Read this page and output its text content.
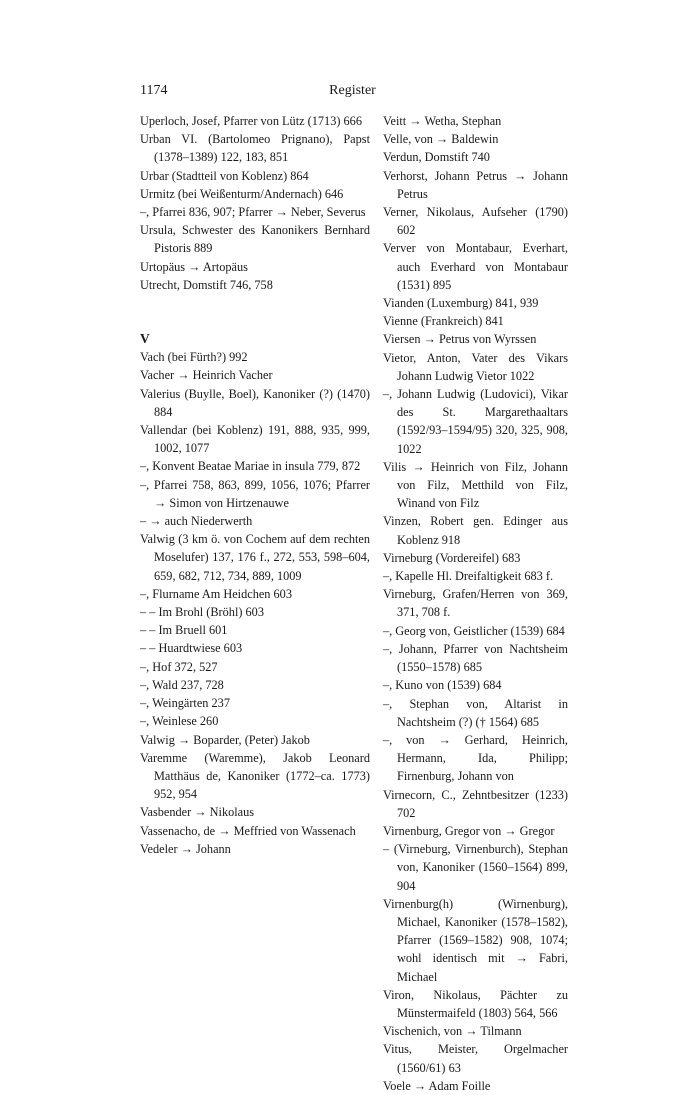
1174	Register
Uperloch, Josef, Pfarrer von Lütz (1713) 666
Urban VI. (Bartolomeo Prignano), Papst (1378–1389) 122, 183, 851
Urbar (Stadtteil von Koblenz) 864
Urmitz (bei Weißenturm/Andernach) 646
–, Pfarrei 836, 907; Pfarrer → Neber, Severus
Ursula, Schwester des Kanonikers Bernhard Pistoris 889
Urtopäus → Artopäus
Utrecht, Domstift 746, 758
V
Vach (bei Fürth?) 992
Vacher → Heinrich Vacher
Valerius (Buylle, Boel), Kanoniker (?) (1470) 884
Vallendar (bei Koblenz) 191, 888, 935, 999, 1002, 1077
–, Konvent Beatae Mariae in insula 779, 872
–, Pfarrei 758, 863, 899, 1056, 1076; Pfarrer → Simon von Hirtzenauwe
– → auch Niederwerth
Valwig (3 km ö. von Cochem auf dem rechten Moselufer) 137, 176 f., 272, 553, 598–604, 659, 682, 712, 734, 889, 1009
–, Flurname Am Heidchen 603
– – Im Brohl (Bröhl) 603
– – Im Bruell 601
– – Huardtwiese 603
–, Hof 372, 527
–, Wald 237, 728
–, Weingärten 237
–, Weinlese 260
Valwig → Boparder, (Peter) Jakob
Varemme (Waremme), Jakob Leonard Matthäus de, Kanoniker (1772–ca. 1773) 952, 954
Vasbender → Nikolaus
Vassenacho, de → Meffried von Wassenach
Vedeler → Johann
Veitt → Wetha, Stephan
Velle, von → Baldewin
Verdun, Domstift 740
Verhorst, Johann Petrus → Johann Petrus
Verner, Nikolaus, Aufseher (1790) 602
Verver von Montabaur, Everhart, auch Everhard von Montabaur (1531) 895
Vianden (Luxemburg) 841, 939
Vienne (Frankreich) 841
Viersen → Petrus von Wyrssen
Vietor, Anton, Vater des Vikars Johann Ludwig Vietor 1022
–, Johann Ludwig (Ludovici), Vikar des St. Margarethaaltars (1592/93–1594/95) 320, 325, 908, 1022
Vilis → Heinrich von Filz, Johann von Filz, Metthild von Filz, Winand von Filz
Vinzen, Robert gen. Edinger aus Koblenz 918
Virneburg (Vordereifel) 683
–, Kapelle Hl. Dreifaltigkeit 683 f.
Virneburg, Grafen/Herren von 369, 371, 708 f.
–, Georg von, Geistlicher (1539) 684
–, Johann, Pfarrer von Nachtsheim (1550–1578) 685
–, Kuno von (1539) 684
–, Stephan von, Altarist in Nachtsheim (?) († 1564) 685
–, von → Gerhard, Heinrich, Hermann, Ida, Philipp; Firnenburg, Johann von
Virnecorn, C., Zehntbesitzer (1233) 702
Virnenburg, Gregor von → Gregor
– (Virneburg, Virnenburch), Stephan von, Kanoniker (1560–1564) 899, 904
Virnenburg(h) (Wirnenburg), Michael, Kanoniker (1578–1582), Pfarrer (1569–1582) 908, 1074; wohl identisch mit → Fabri, Michael
Viron, Nikolaus, Pächter zu Münstermaifeld (1803) 564, 566
Vischenich, von → Tilmann
Vitus, Meister, Orgelmacher (1560/61) 63
Voele → Adam Foille
